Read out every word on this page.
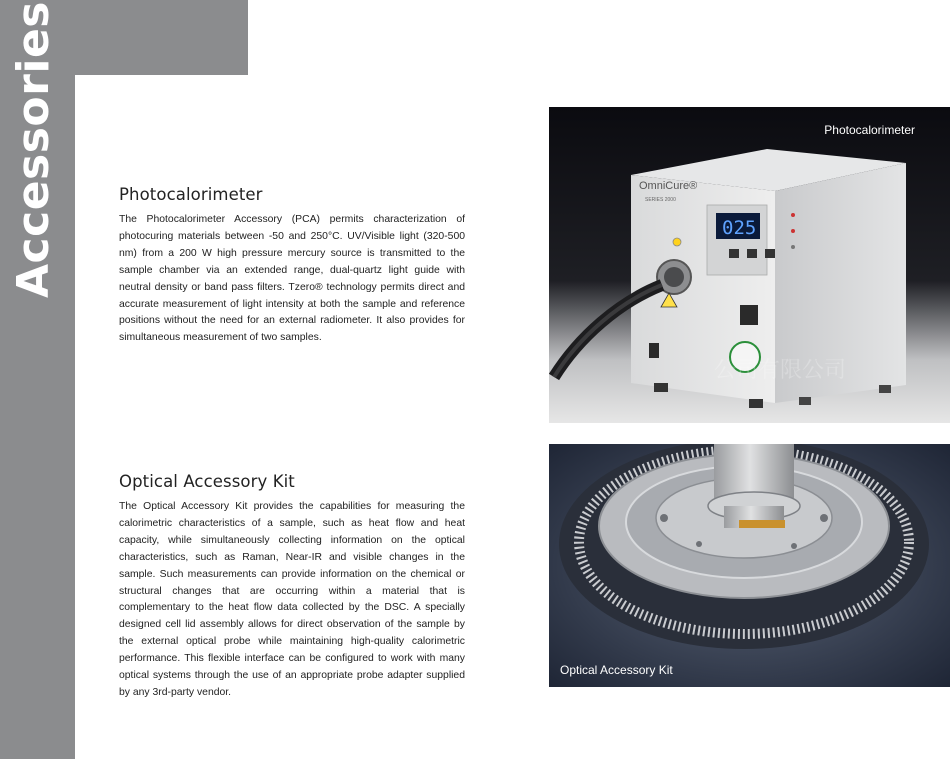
Accessories	Photocalorimeter

The Photocalorimeter Accessory (PCA) permits characterization of photocuring materials between -50 and 250°C. UV/Visible light (320-500 nm) from a 200 W high pressure mercury source is transmitted to the sample chamber via an extended range, dual-quartz light guide with neutral density or band pass filters. Tzero® technology permits direct and accurate measurement of light intensity at both the sample and reference positions without the need for an external radiometer. It also provides for simultaneous measurement of two samples.

Optical Accessory Kit

The Optical Accessory Kit provides the capabilities for measuring the calorimetric characteristics of a sample, such as heat flow and heat capacity, while simultaneously collecting information on the optical characteristics, such as Raman, Near-IR and visible changes in the sample. Such measurements can provide information on the chemical or structural changes that are occurring within a material that is complementary to the heat flow data collected by the DSC. A specially designed cell lid assembly allows for direct observation of the sample by the external optical probe while maintaining high-quality calorimetric performance. This flexible interface can be configured to work with many optical systems through the use of an appropriate probe adapter supplied by any 3rd-party vendor.

OmniCure®
SERIES 2000
025
公司有限公司
Photocalorimeter
Optical Accessory Kit
